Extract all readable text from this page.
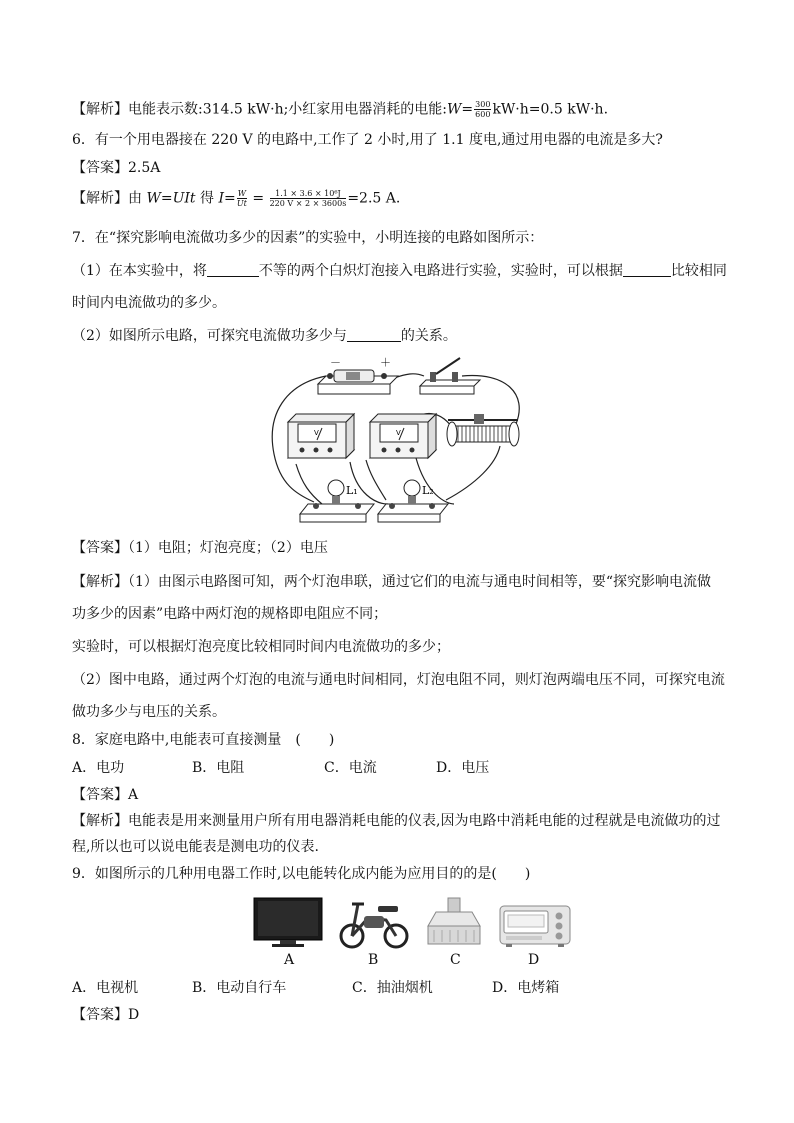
【解析】电能表示数:314.5 kW·h;小红家用电器消耗的电能:W= $\frac{300}{600} kW\cdot h=0.5$ kW·h.
6．有一个用电器接在 220 V 的电路中,工作了 2 小时,用了 1.1 度电,通过用电器的电流是多大?
【答案】2.5A
【解析】由 W=UIt 得 $I= \frac{W}{Ut} = \frac{\text{1.1 × 3.6 × 10⁶J}}{220 V \times 2 \times 3600s} =2.5$ A.
7．在“探究影响电流做功多少的因素”的实验中，小明连接的电路如图所示：
（1）在本实验中，将	不等的两个白炽灯泡接入电路进行实验，实验时，可以根据	比较相同
时间内电流做功的多少。
（2）如图所示电路，可探究电流做功多少与	的关系。
－	＋
V	V
L₁	L₂
【答案】（1）电阻；灯泡亮度；（2）电压
【解析】（1）由图示电路图可知，两个灯泡串联，通过它们的电流与通电时间相等，要“探究影响电流做
功多少的因素”电路中两灯泡的规格即电阻应不同；
实验时，可以根据灯泡亮度比较相同时间内电流做功的多少；
（2）图中电路，通过两个灯泡的电流与通电时间相同，灯泡电阻不同，则灯泡两端电压不同，可探究电流
做功多少与电压的关系。
8．家庭电路中,电能表可直接测量　(　　)
A．电功	B．电阻	C．电流	D．电压
【答案】A
【解析】电能表是用来测量用户所有用电器消耗电能的仪表,因为电路中消耗电能的过程就是电流做功的过
程,所以也可以说电能表是测电功的仪表.
9．如图所示的几种用电器工作时,以电能转化成内能为应用目的的是(　　)
A	B	C	D
A．电视机	B．电动自行车	C．抽油烟机	D．电烤箱
【答案】D
